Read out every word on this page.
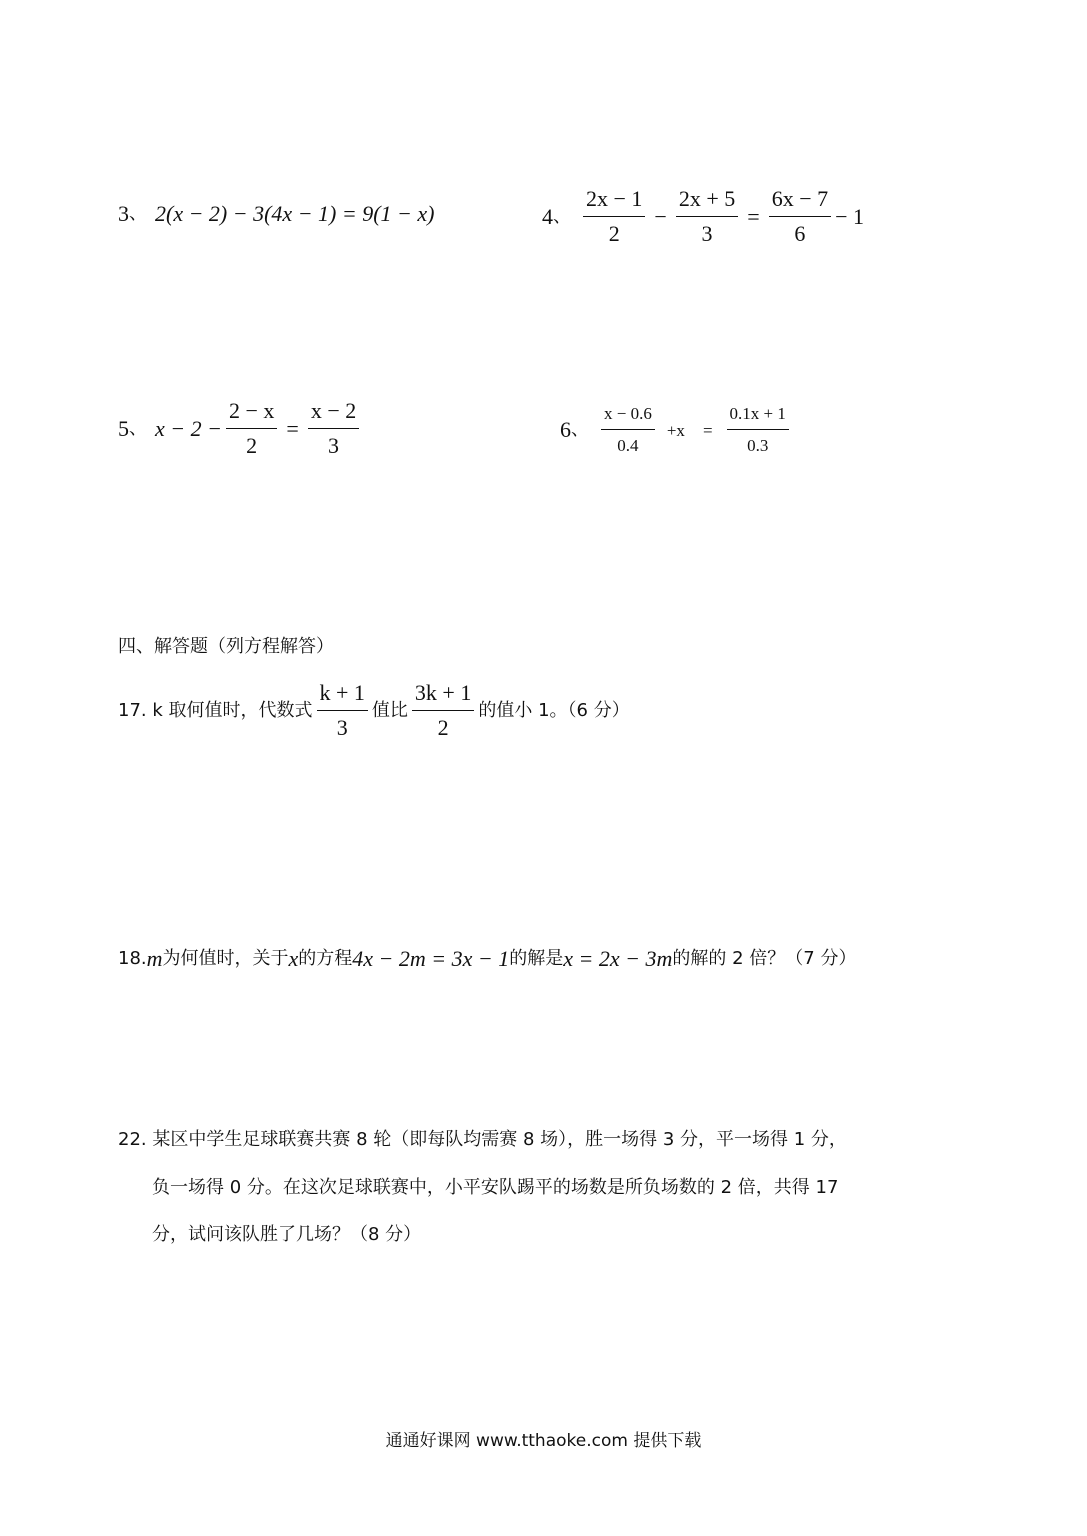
3 、 2(x − 2) − 3(4x − 1) = 9(1 − x)	4 、 $\frac{2x - 1}{2} - \frac{2x + 5}{3} = \frac{6x - 7}{6} - 1$
5 、 $x - 2 - \frac{2 - x}{2} = \frac{x - 2}{3}$	6 、 $\frac{x - 0.6}{0.4} +x = \frac{0.1x + 1}{0.3}$
四、解答题（列方程解答）
17. k 取何值时，代数式 $\frac{k + 1}{3}$ 值比 $\frac{3k + 1}{2}$ 的值小 1。（6 分）
18. m 为何值时，关于 x 的方程 4x − 2m = 3x − 1 的解是 x = 2x − 3m 的解的 2 倍？（7 分）
22. 某区中学生足球联赛共赛 8 轮（即每队均需赛 8 场），胜一场得 3 分，平一场得 1 分，
负一场得 0 分。在这次足球联赛中，小平安队踢平的场数是所负场数的 2 倍，共得 17
分，试问该队胜了几场？（8 分）
通通好课网 www.tthaoke.com 提供下载
